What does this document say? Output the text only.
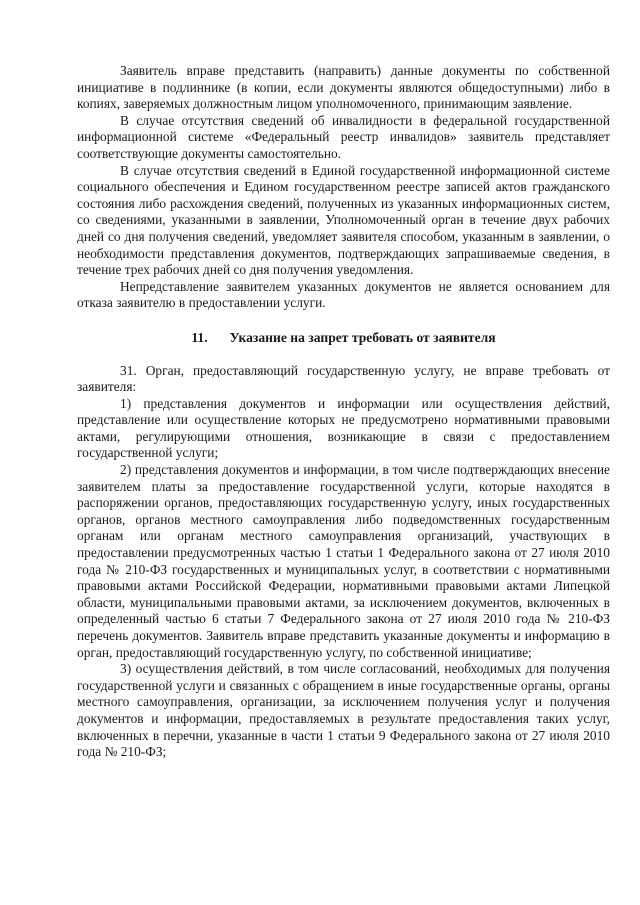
Заявитель вправе представить (направить) данные документы по собственной инициативе в подлиннике (в копии, если документы являются общедоступными) либо в копиях, заверяемых должностным лицом уполномоченного, принимающим заявление.

В случае отсутствия сведений об инвалидности в федеральной государственной информационной системе «Федеральный реестр инвалидов» заявитель представляет соответствующие документы самостоятельно.

В случае отсутствия сведений в Единой государственной информационной системе социального обеспечения и Едином государственном реестре записей актов гражданского состояния либо расхождения сведений, полученных из указанных информационных систем, со сведениями, указанными в заявлении, Уполномоченный орган в течение двух рабочих дней со дня получения сведений, уведомляет заявителя способом, указанным в заявлении, о необходимости представления документов, подтверждающих запрашиваемые сведения, в течение трех рабочих дней со дня получения уведомления.

Непредставление заявителем указанных документов не является основанием для отказа заявителю в предоставлении услуги.

11. Указание на запрет требовать от заявителя

31. Орган, предоставляющий государственную услугу, не вправе требовать от заявителя:

1) представления документов и информации или осуществления действий, представление или осуществление которых не предусмотрено нормативными правовыми актами, регулирующими отношения, возникающие в связи с предоставлением государственной услуги;

2) представления документов и информации, в том числе подтверждающих внесение заявителем платы за предоставление государственной услуги, которые находятся в распоряжении органов, предоставляющих государственную услугу, иных государственных органов, органов местного самоуправления либо подведомственных государственным органам или органам местного самоуправления организаций, участвующих в предоставлении предусмотренных частью 1 статьи 1 Федерального закона от 27 июля 2010 года № 210-ФЗ государственных и муниципальных услуг, в соответствии с нормативными правовыми актами Российской Федерации, нормативными правовыми актами Липецкой области, муниципальными правовыми актами, за исключением документов, включенных в определенный частью 6 статьи 7 Федерального закона от 27 июля 2010 года № 210-ФЗ перечень документов. Заявитель вправе представить указанные документы и информацию в орган, предоставляющий государственную услугу, по собственной инициативе;

3) осуществления действий, в том числе согласований, необходимых для получения государственной услуги и связанных с обращением в иные государственные органы, органы местного самоуправления, организации, за исключением получения услуг и получения документов и информации, предоставляемых в результате предоставления таких услуг, включенных в перечни, указанные в части 1 статьи 9 Федерального закона от 27 июля 2010 года № 210-ФЗ;
